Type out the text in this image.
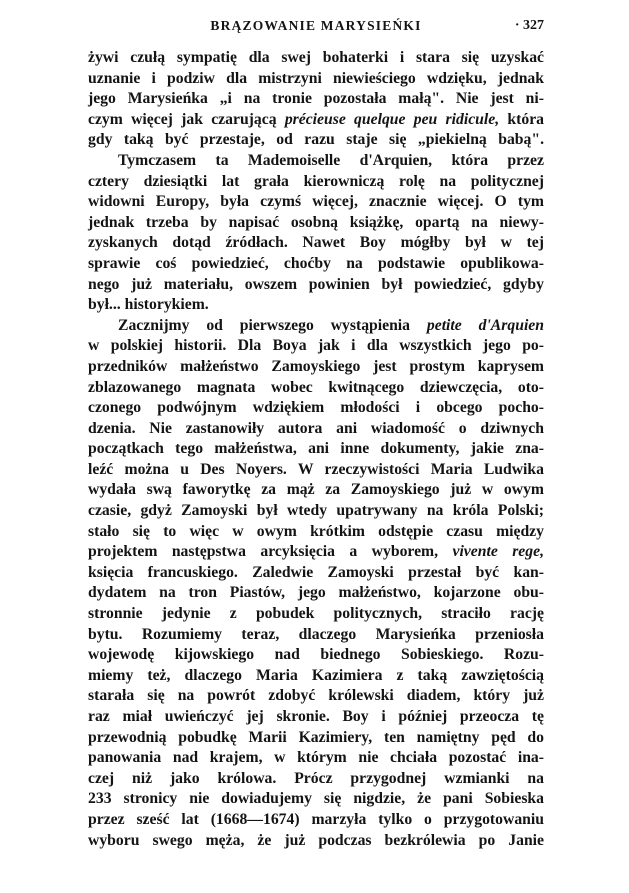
BRĄZOWANIE MARYSIEŃKI	· 327
żywi czułą sympatię dla swej bohaterki i stara się uzyskać
uznanie i podziw dla mistrzyni niewieściego wdzięku, jednak
jego Marysieńka „i na tronie pozostała małą". Nie jest ni-
czym więcej jak czarującą précieuse quelque peu ridicule, która
gdy taką być przestaje, od razu staje się „piekielną babą".
Tymczasem ta Mademoiselle d'Arquien, która przez
cztery dziesiątki lat grała kierowniczą rolę na politycznej
widowni Europy, była czymś więcej, znacznie więcej. O tym
jednak trzeba by napisać osobną książkę, opartą na niewy-
zyskanych dotąd źródłach. Nawet Boy mógłby był w tej
sprawie coś powiedzieć, choćby na podstawie opublikowa-
nego już materiału, owszem powinien był powiedzieć, gdyby
był... historykiem.
Zacznijmy od pierwszego wystąpienia petite d'Arquien
w polskiej historii. Dla Boya jak i dla wszystkich jego po-
przedników małżeństwo Zamoyskiego jest prostym kaprysem
zblazowanego magnata wobec kwitnącego dziewczęcia, oto-
czonego podwójnym wdziękiem młodości i obcego pocho-
dzenia. Nie zastanowiły autora ani wiadomość o dziwnych
początkach tego małżeństwa, ani inne dokumenty, jakie zna-
leźć można u Des Noyers. W rzeczywistości Maria Ludwika
wydała swą faworytkę za mąż za Zamoyskiego już w owym
czasie, gdyż Zamoyski był wtedy upatrywany na króla Polski;
stało się to więc w owym krótkim odstępie czasu między
projektem następstwa arcyksięcia a wyborem, vivente rege,
księcia francuskiego. Zaledwie Zamoyski przestał być kan-
dydatem na tron Piastów, jego małżeństwo, kojarzone obu-
stronnie jedynie z pobudek politycznych, straciło rację
bytu. Rozumiemy teraz, dlaczego Marysieńka przeniosła
wojewodę kijowskiego nad biednego Sobieskiego. Rozu-
miemy też, dlaczego Maria Kazimiera z taką zawziętością
starała się na powrót zdobyć królewski diadem, który już
raz miał uwieńczyć jej skronie. Boy i później przeocza tę
przewodnią pobudkę Marii Kazimiery, ten namiętny pęd do
panowania nad krajem, w którym nie chciała pozostać ina-
czej niż jako królowa. Prócz przygodnej wzmianki na
233 stronicy nie dowiadujemy się nigdzie, że pani Sobieska
przez sześć lat (1668—1674) marzyła tylko o przygotowaniu
wyboru swego męża, że już podczas bezkrólewia po Janie
